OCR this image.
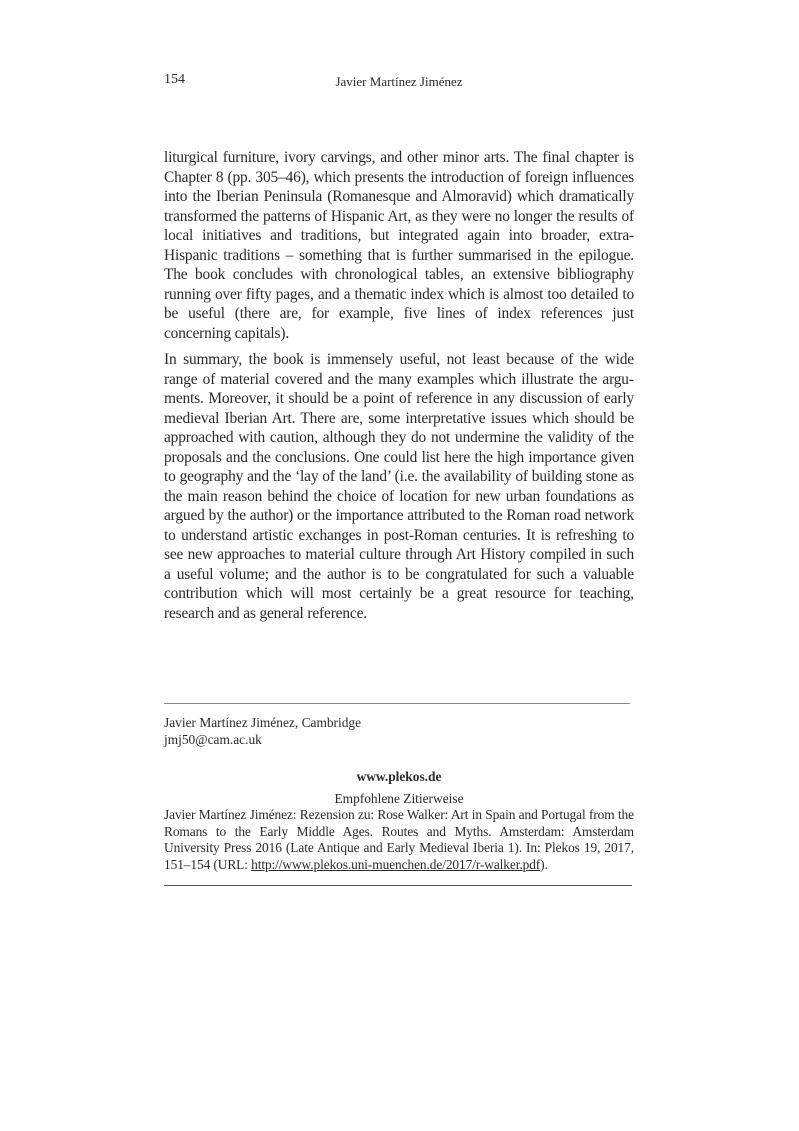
154	Javier Martínez Jiménez

liturgical furniture, ivory carvings, and other minor arts. The final chapter is Chapter 8 (pp. 305–46), which presents the introduction of foreign influences into the Iberian Peninsula (Romanesque and Almoravid) which dramatically transformed the patterns of Hispanic Art, as they were no longer the results of local initiatives and traditions, but integrated again into broader, extra-Hispanic traditions – something that is further summarised in the epilogue. The book concludes with chronological tables, an extensive bibliography running over fifty pages, and a thematic index which is almost too detailed to be useful (there are, for example, five lines of index references just concerning capitals).

In summary, the book is immensely useful, not least because of the wide range of material covered and the many examples which illustrate the arguments. Moreover, it should be a point of reference in any discussion of early medieval Iberian Art. There are, some interpretative issues which should be approached with caution, although they do not undermine the validity of the proposals and the conclusions. One could list here the high importance given to geography and the ‘lay of the land’ (i.e. the availability of building stone as the main reason behind the choice of location for new urban foundations as argued by the author) or the importance attributed to the Roman road network to understand artistic exchanges in post-Roman centuries. It is refreshing to see new approaches to material culture through Art History compiled in such a useful volume; and the author is to be congratulated for such a valuable contribution which will most certainly be a great resource for teaching, research and as general reference.

Javier Martínez Jiménez, Cambridge
jmj50@cam.ac.uk
www.plekos.de
Empfohlene Zitierweise
Javier Martínez Jiménez: Rezension zu: Rose Walker: Art in Spain and Portugal from the Romans to the Early Middle Ages. Routes and Myths. Amsterdam: Amsterdam University Press 2016 (Late Antique and Early Medieval Iberia 1). In: Plekos 19, 2017, 151–154 (URL: http://www.plekos.uni-muenchen.de/2017/r-walker.pdf).
